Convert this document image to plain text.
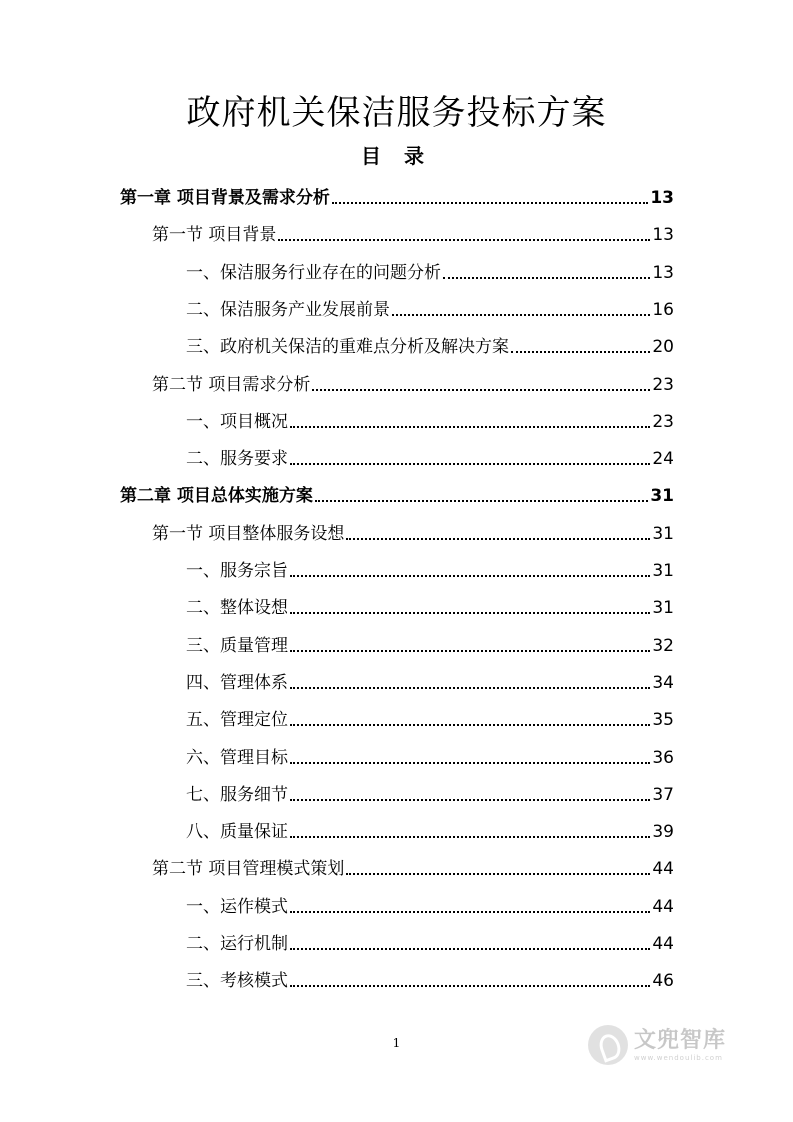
政府机关保洁服务投标方案
目 录
第一章 项目背景及需求分析	13
第一节 项目背景	13
一、保洁服务行业存在的问题分析	13
二、保洁服务产业发展前景	16
三、政府机关保洁的重难点分析及解决方案	20
第二节 项目需求分析	23
一、项目概况	23
二、服务要求	24
第二章 项目总体实施方案	31
第一节 项目整体服务设想	31
一、服务宗旨	31
二、整体设想	31
三、质量管理	32
四、管理体系	34
五、管理定位	35
六、管理目标	36
七、服务细节	37
八、质量保证	39
第二节 项目管理模式策划	44
一、运作模式	44
二、运行机制	44
三、考核模式	46
1	文兜智库
www.wendoulib.com
